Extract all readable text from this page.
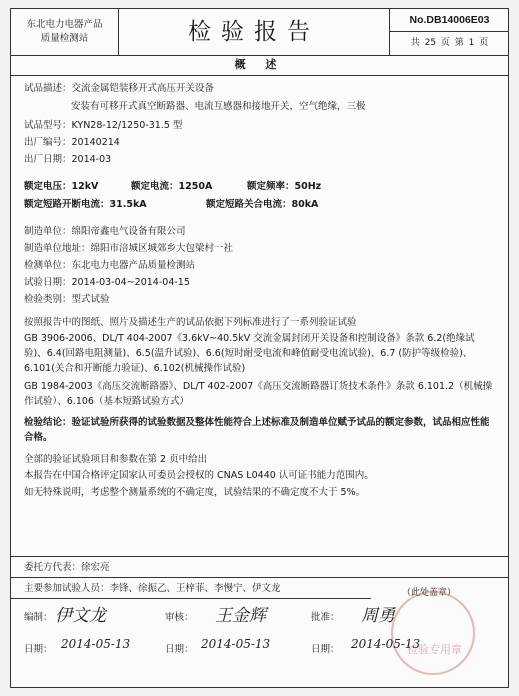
东北电力电器产品
质量检测站	检验报告	No.DB14006E03
共 25 页 第 1 页
概 述
试品描述：交流金属铠装移开式高压开关设备
安装有可移开式真空断路器、电流互感器和接地开关，空气绝缘，三极
试品型号：KYN28-12/1250-31.5 型
出厂编号：20140214
出厂日期：2014-03
额定电压：12kV	额定电流：1250A	额定频率：50Hz
额定短路开断电流：31.5kA	额定短路关合电流：80kA
制造单位：绵阳帝鑫电气设备有限公司
制造单位地址：绵阳市涪城区城郊乡大包梁村一社
检测单位：东北电力电器产品质量检测站
试验日期：2014-03-04~2014-04-15
检验类别：型式试验
按照报告中的图纸、照片及描述生产的试品依据下列标准进行了一系列验证试验
GB 3906-2006、DL/T 404-2007《3.6kV~40.5kV 交流金属封闭开关设备和控制设备》条款 6.2(绝缘试验)、6.4(回路电阻测量)、6.5(温升试验)、6.6(短时耐受电流和峰值耐受电流试验)、6.7 (防护等级检验)、6.101(关合和开断能力验证)、6.102(机械操作试验)
GB 1984-2003《高压交流断路器》、DL/T 402-2007《高压交流断路器订货技术条件》条款 6.101.2（机械操作试验）、6.106（基本短路试验方式）
检验结论：验证试验所获得的试验数据及整体性能符合上述标准及制造单位赋予试品的额定参数，试品相应性能合格。
全部的验证试验项目和参数在第 2 页中给出
本报告在中国合格评定国家认可委员会授权的 CNAS L0440 认可证书能力范围内。
如无特殊说明，考虑整个测量系统的不确定度，试验结果的不确定度不大于 5%。
委托方代表：徐宏亮
主要参加试验人员：李锋、徐振乙、王梓菲、李慢宁、伊文龙	（此处盖章）
检验专用章
编制： 伊文龙	审核： 王金辉	批准： 周勇
日期： 2014-05-13	日期： 2014-05-13	日期： 2014-05-13
